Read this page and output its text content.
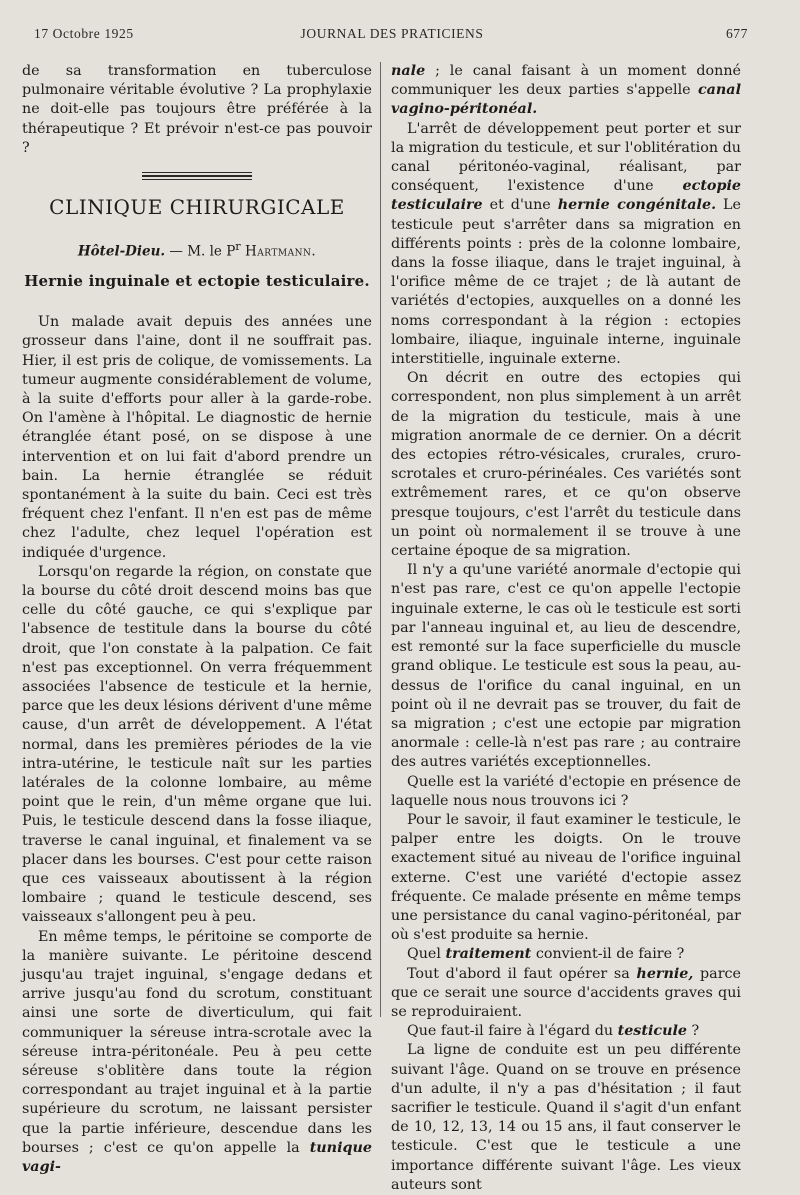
17 Octobre 1925	JOURNAL DES PRATICIENS	677

de sa transformation en tuberculose pulmonaire véritable évolutive ? La prophylaxie ne doit-elle pas toujours être préférée à la thérapeutique ? Et prévoir n'est-ce pas pouvoir ?

CLINIQUE CHIRURGICALE
Hôtel-Dieu. — M. le $P^r$ Hartmann.
Hernie inguinale et ectopie testiculaire.

Un malade avait depuis des années une grosseur dans l'aine, dont il ne souffrait pas. Hier, il est pris de colique, de vomissements. La tumeur augmente considérablement de volume, à la suite d'efforts pour aller à la garde-robe. On l'amène à l'hôpital. Le diagnostic de hernie étranglée étant posé, on se dispose à une intervention et on lui fait d'abord prendre un bain. La hernie étranglée se réduit spontanément à la suite du bain. Ceci est très fréquent chez l'enfant. Il n'en est pas de même chez l'adulte, chez lequel l'opération est indiquée d'urgence.

Lorsqu'on regarde la région, on constate que la bourse du côté droit descend moins bas que celle du côté gauche, ce qui s'explique par l'absence de testitule dans la bourse du côté droit, que l'on constate à la palpation. Ce fait n'est pas exceptionnel. On verra fréquemment associées l'absence de testicule et la hernie, parce que les deux lésions dérivent d'une même cause, d'un arrêt de développement. A l'état normal, dans les premières périodes de la vie intra-utérine, le testicule naît sur les parties latérales de la colonne lombaire, au même point que le rein, d'un même organe que lui. Puis, le testicule descend dans la fosse iliaque, traverse le canal inguinal, et finalement va se placer dans les bourses. C'est pour cette raison que ces vaisseaux aboutissent à la région lombaire ; quand le testicule descend, ses vaisseaux s'allongent peu à peu.

En même temps, le péritoine se comporte de la manière suivante. Le péritoine descend jusqu'au trajet inguinal, s'engage dedans et arrive jusqu'au fond du scrotum, constituant ainsi une sorte de diverticulum, qui fait communiquer la séreuse intra-scrotale avec la séreuse intra-péritonéale. Peu à peu cette séreuse s'oblitère dans toute la région correspondant au trajet inguinal et à la partie supérieure du scrotum, ne laissant persister que la partie inférieure, descendue dans les bourses ; c'est ce qu'on appelle la tunique vagi-

nale ; le canal faisant à un moment donné communiquer les deux parties s'appelle canal vagino-péritonéal.

L'arrêt de développement peut porter et sur la migration du testicule, et sur l'oblitération du canal péritonéo-vaginal, réalisant, par conséquent, l'existence d'une ectopie testiculaire et d'une hernie congénitale. Le testicule peut s'arrêter dans sa migration en différents points : près de la colonne lombaire, dans la fosse iliaque, dans le trajet inguinal, à l'orifice même de ce trajet ; de là autant de variétés d'ectopies, auxquelles on a donné les noms correspondant à la région : ectopies lombaire, iliaque, inguinale interne, inguinale interstitielle, inguinale externe.

On décrit en outre des ectopies qui correspondent, non plus simplement à un arrêt de la migration du testicule, mais à une migration anormale de ce dernier. On a décrit des ectopies rétro-vésicales, crurales, cruro-scrotales et cruro-périnéales. Ces variétés sont extrêmement rares, et ce qu'on observe presque toujours, c'est l'arrêt du testicule dans un point où normalement il se trouve à une certaine époque de sa migration.

Il n'y a qu'une variété anormale d'ectopie qui n'est pas rare, c'est ce qu'on appelle l'ectopie inguinale externe, le cas où le testicule est sorti par l'anneau inguinal et, au lieu de descendre, est remonté sur la face superficielle du muscle grand oblique. Le testicule est sous la peau, au-dessus de l'orifice du canal inguinal, en un point où il ne devrait pas se trouver, du fait de sa migration ; c'est une ectopie par migration anormale : celle-là n'est pas rare ; au contraire des autres variétés exceptionnelles.

Quelle est la variété d'ectopie en présence de laquelle nous nous trouvons ici ?

Pour le savoir, il faut examiner le testicule, le palper entre les doigts. On le trouve exactement situé au niveau de l'orifice inguinal externe. C'est une variété d'ectopie assez fréquente. Ce malade présente en même temps une persistance du canal vagino-péritonéal, par où s'est produite sa hernie.

Quel traitement convient-il de faire ?

Tout d'abord il faut opérer sa hernie, parce que ce serait une source d'accidents graves qui se reproduiraient.

Que faut-il faire à l'égard du testicule ?

La ligne de conduite est un peu différente suivant l'âge. Quand on se trouve en présence d'un adulte, il n'y a pas d'hésitation ; il faut sacrifier le testicule. Quand il s'agit d'un enfant de 10, 12, 13, 14 ou 15 ans, il faut conserver le testicule. C'est que le testicule a une importance différente suivant l'âge. Les vieux auteurs sont
